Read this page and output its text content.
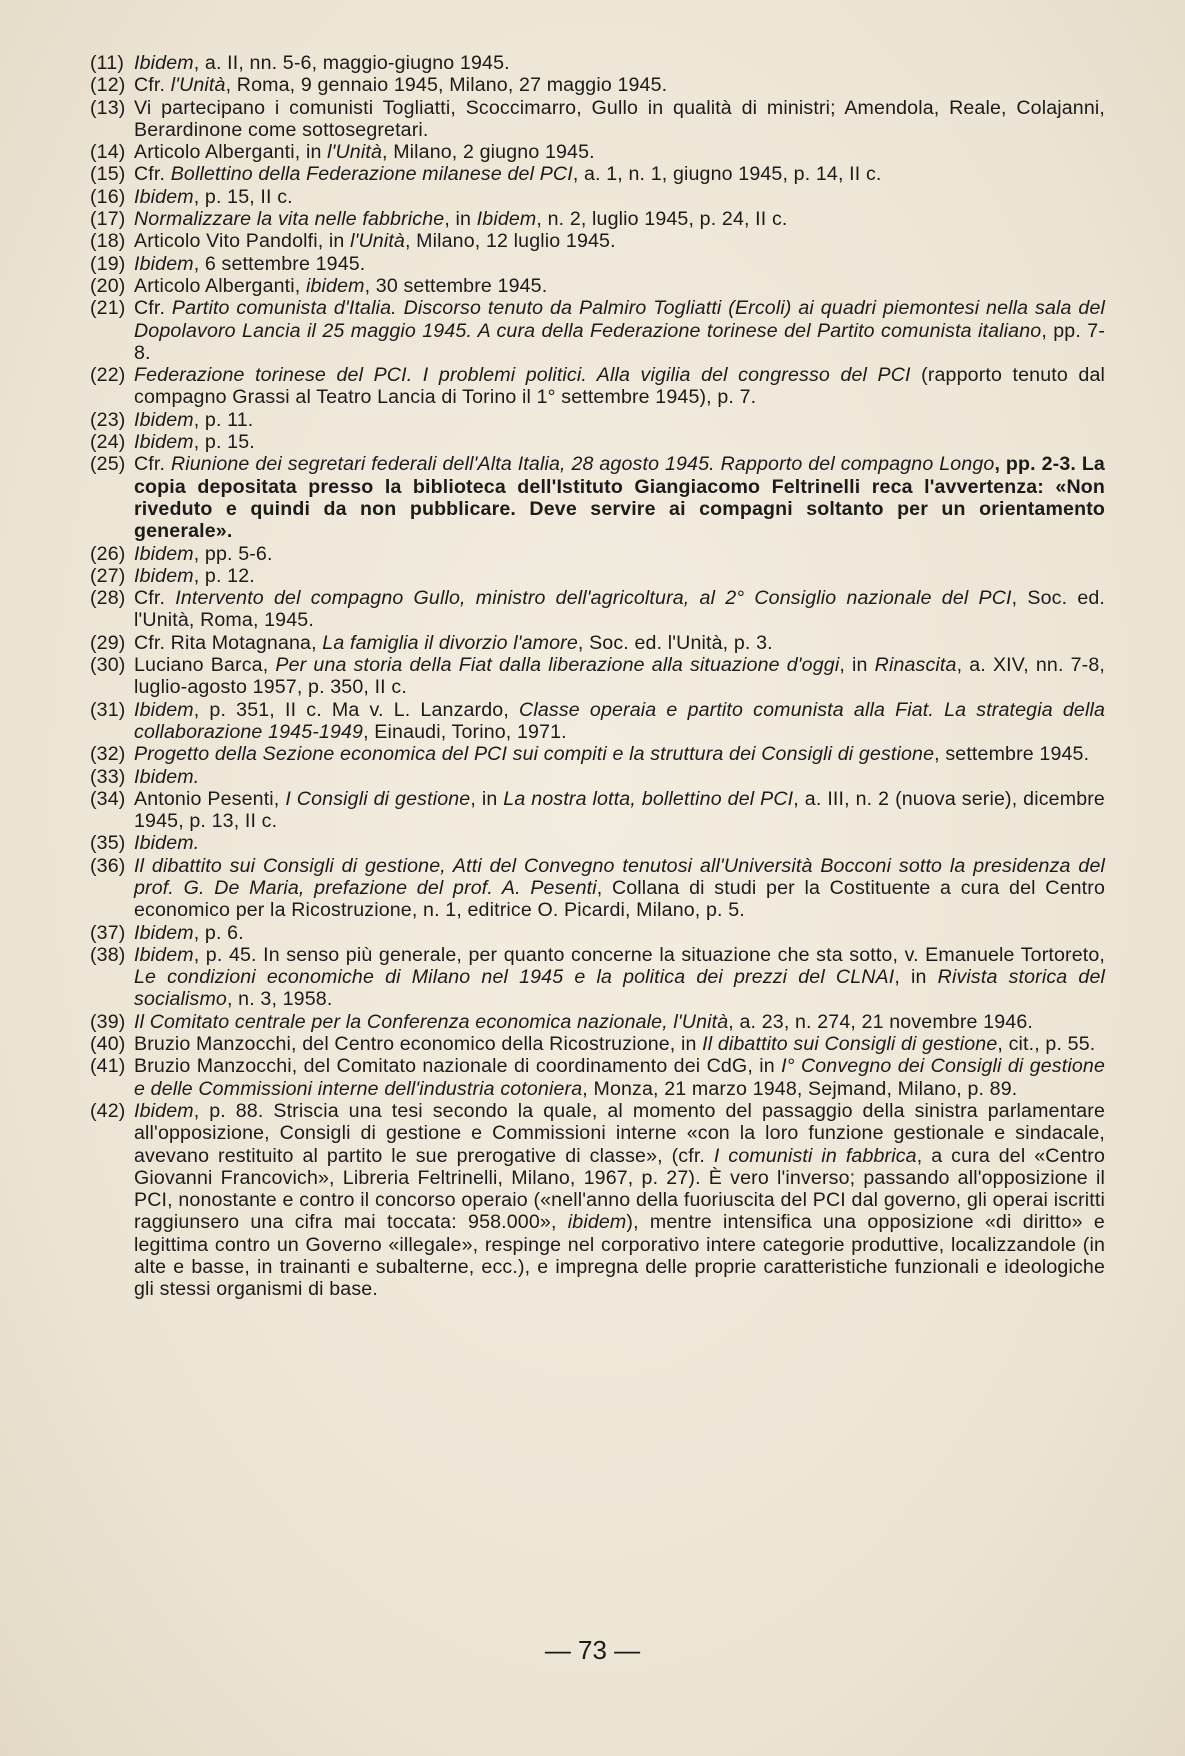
(11) Ibidem, a. II, nn. 5-6, maggio-giugno 1945.

(12) Cfr. l'Unità, Roma, 9 gennaio 1945, Milano, 27 maggio 1945.

(13) Vi partecipano i comunisti Togliatti, Scoccimarro, Gullo in qualità di ministri; Amendola, Reale, Colajanni, Berardinone come sottosegretari.

(14) Articolo Alberganti, in l'Unità, Milano, 2 giugno 1945.

(15) Cfr. Bollettino della Federazione milanese del PCI, a. 1, n. 1, giugno 1945, p. 14, II c.

(16) Ibidem, p. 15, II c.

(17) Normalizzare la vita nelle fabbriche, in Ibidem, n. 2, luglio 1945, p. 24, II c.

(18) Articolo Vito Pandolfi, in l'Unità, Milano, 12 luglio 1945.

(19) Ibidem, 6 settembre 1945.

(20) Articolo Alberganti, ibidem, 30 settembre 1945.

(21) Cfr. Partito comunista d'Italia. Discorso tenuto da Palmiro Togliatti (Ercoli) ai quadri piemontesi nella sala del Dopolavoro Lancia il 25 maggio 1945. A cura della Federazione torinese del Partito comunista italiano, pp. 7-8.

(22) Federazione torinese del PCI. I problemi politici. Alla vigilia del congresso del PCI (rapporto tenuto dal compagno Grassi al Teatro Lancia di Torino il 1° settembre 1945), p. 7.

(23) Ibidem, p. 11.

(24) Ibidem, p. 15.

(25) Cfr. Riunione dei segretari federali dell'Alta Italia, 28 agosto 1945. Rapporto del compagno Longo, pp. 2-3. La copia depositata presso la biblioteca dell'Istituto Giangiacomo Feltrinelli reca l'avvertenza: «Non riveduto e quindi da non pubblicare. Deve servire ai compagni soltanto per un orientamento generale».

(26) Ibidem, pp. 5-6.

(27) Ibidem, p. 12.

(28) Cfr. Intervento del compagno Gullo, ministro dell'agricoltura, al 2° Consiglio nazionale del PCI, Soc. ed. l'Unità, Roma, 1945.

(29) Cfr. Rita Motagnana, La famiglia il divorzio l'amore, Soc. ed. l'Unità, p. 3.

(30) Luciano Barca, Per una storia della Fiat dalla liberazione alla situazione d'oggi, in Rinascita, a. XIV, nn. 7-8, luglio-agosto 1957, p. 350, II c.

(31) Ibidem, p. 351, II c. Ma v. L. Lanzardo, Classe operaia e partito comunista alla Fiat. La strategia della collaborazione 1945-1949, Einaudi, Torino, 1971.

(32) Progetto della Sezione economica del PCI sui compiti e la struttura dei Consigli di gestione, settembre 1945.

(33) Ibidem.

(34) Antonio Pesenti, I Consigli di gestione, in La nostra lotta, bollettino del PCI, a. III, n. 2 (nuova serie), dicembre 1945, p. 13, II c.

(35) Ibidem.

(36) Il dibattito sui Consigli di gestione, Atti del Convegno tenutosi all'Università Bocconi sotto la presidenza del prof. G. De Maria, prefazione del prof. A. Pesenti, Collana di studi per la Costituente a cura del Centro economico per la Ricostruzione, n. 1, editrice O. Picardi, Milano, p. 5.

(37) Ibidem, p. 6.

(38) Ibidem, p. 45. In senso più generale, per quanto concerne la situazione che sta sotto, v. Emanuele Tortoreto, Le condizioni economiche di Milano nel 1945 e la politica dei prezzi del CLNAI, in Rivista storica del socialismo, n. 3, 1958.

(39) Il Comitato centrale per la Conferenza economica nazionale, l'Unità, a. 23, n. 274, 21 novembre 1946.

(40) Bruzio Manzocchi, del Centro economico della Ricostruzione, in Il dibattito sui Consigli di gestione, cit., p. 55.

(41) Bruzio Manzocchi, del Comitato nazionale di coordinamento dei CdG, in I° Convegno dei Consigli di gestione e delle Commissioni interne dell'industria cotoniera, Monza, 21 marzo 1948, Sejmand, Milano, p. 89.

(42) Ibidem, p. 88. Striscia una tesi secondo la quale, al momento del passaggio della sinistra parlamentare all'opposizione, Consigli di gestione e Commissioni interne «con la loro funzione gestionale e sindacale, avevano restituito al partito le sue prerogative di classe», (cfr. I comunisti in fabbrica, a cura del «Centro Giovanni Francovich», Libreria Feltrinelli, Milano, 1967, p. 27). È vero l'inverso; passando all'opposizione il PCI, nonostante e contro il concorso operaio («nell'anno della fuoriuscita del PCI dal governo, gli operai iscritti raggiunsero una cifra mai toccata: 958.000», ibidem), mentre intensifica una opposizione «di diritto» e legittima contro un Governo «illegale», respinge nel corporativo intere categorie produttive, localizzandole (in alte e basse, in trainanti e subalterne, ecc.), e impregna delle proprie caratteristiche funzionali e ideologiche gli stessi organismi di base.

— 73 —
